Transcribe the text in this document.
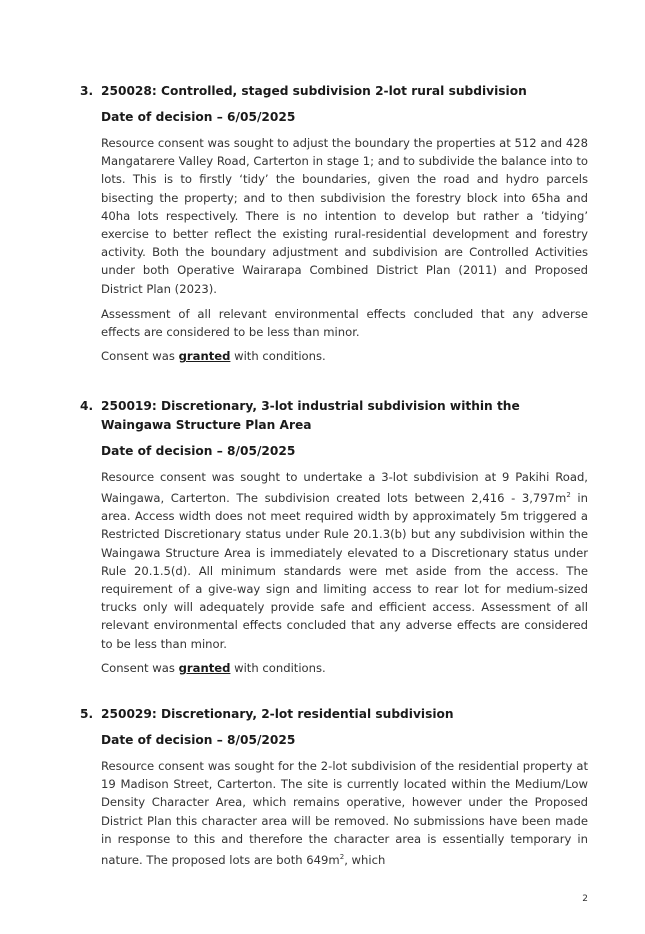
3. 250028: Controlled, staged subdivision 2-lot rural subdivision
Date of decision – 6/05/2025

Resource consent was sought to adjust the boundary the properties at 512 and 428 Mangatarere Valley Road, Carterton in stage 1; and to subdivide the balance into to lots. This is to firstly ‘tidy’ the boundaries, given the road and hydro parcels bisecting the property; and to then subdivision the forestry block into 65ha and 40ha lots respectively. There is no intention to develop but rather a ’tidying’ exercise to better reflect the existing rural-residential development and forestry activity. Both the boundary adjustment and subdivision are Controlled Activities under both Operative Wairarapa Combined District Plan (2011) and Proposed District Plan (2023).

Assessment of all relevant environmental effects concluded that any adverse effects are considered to be less than minor.

Consent was granted with conditions.

4. 250019: Discretionary, 3-lot industrial subdivision within the Waingawa Structure Plan Area
Date of decision – 8/05/2025

Resource consent was sought to undertake a 3-lot subdivision at 9 Pakihi Road, Waingawa, Carterton. The subdivision created lots between $2,416 - 3,797m^2$ in area. Access width does not meet required width by approximately 5m triggered a Restricted Discretionary status under Rule 20.1.3(b) but any subdivision within the Waingawa Structure Area is immediately elevated to a Discretionary status under Rule 20.1.5(d). All minimum standards were met aside from the access. The requirement of a give-way sign and limiting access to rear lot for medium-sized trucks only will adequately provide safe and efficient access. Assessment of all relevant environmental effects concluded that any adverse effects are considered to be less than minor.

Consent was granted with conditions.

5. 250029: Discretionary, 2-lot residential subdivision
Date of decision – 8/05/2025

Resource consent was sought for the 2-lot subdivision of the residential property at 19 Madison Street, Carterton. The site is currently located within the Medium/Low Density Character Area, which remains operative, however under the Proposed District Plan this character area will be removed. No submissions have been made in response to this and therefore the character area is essentially temporary in nature. The proposed lots are both $649m^2$, which

2
